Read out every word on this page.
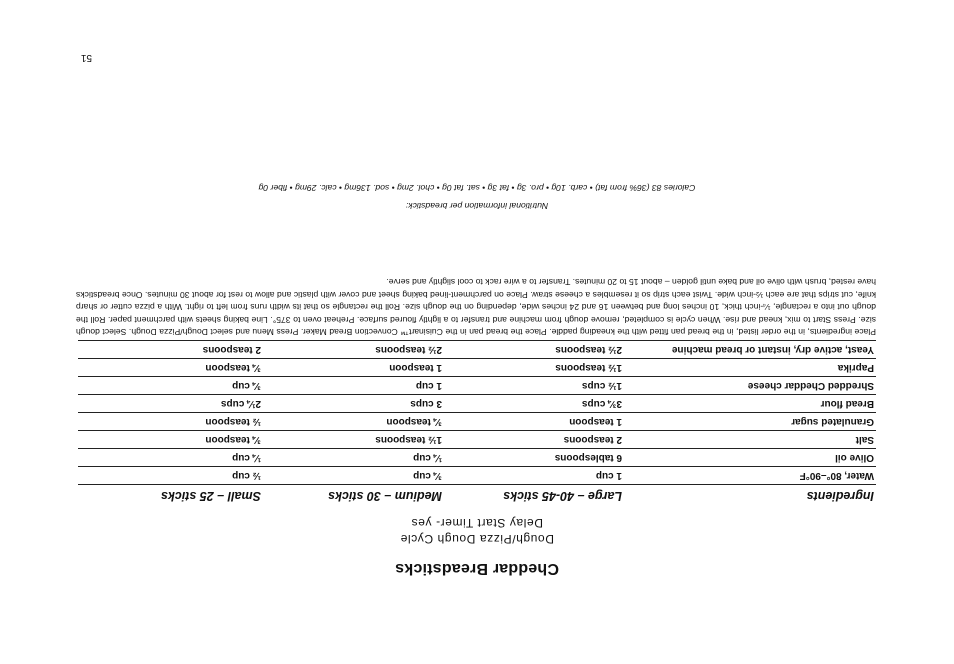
Cheddar Breadsticks
Dough/Pizza Dough Cycle
Delay Start Timer- yes
Ingredients	Large – 40-45 sticks	Medium – 30 sticks	Small – 25 sticks
Water, 80°–90°F	1 cup	¾ cup	½ cup
Olive oil	6 tablespoons	¼ cup	¼ cup
Salt	2 teaspoons	1½ teaspoons	¾ teaspoon
Granulated sugar	1 teaspoon	¾ teaspoon	½ teaspoon
Bread flour	3¾ cups	3 cups	2¼ cups
Shredded Cheddar cheese	1½ cups	1 cup	¾ cup
Paprika	1½ teaspoons	1 teaspoon	¾ teaspoon
Yeast, active dry, instant or bread machine	2½ teaspoons	2½ teaspoons	2 teaspoons

Place ingredients, in the order listed, in the bread pan fitted with the kneading paddle. Place the bread pan in the Cuisinart™ Convection Bread Maker. Press Menu and select Dough/Pizza Dough. Select dough size. Press Start to mix, knead and rise. When cycle is completed, remove dough from machine and transfer to a lightly floured surface. Preheat oven to 375°. Line baking sheets with parchment paper. Roll the dough out into a rectangle, ¼-inch thick, 10 inches long and between 16 and 24 inches wide, depending on the dough size. Roll the rectangle so that its width runs from left to right. With a pizza cutter or sharp knife, cut strips that are each ½-inch wide. Twist each strip so it resembles a cheese straw. Place on parchment-lined baking sheet and cover with plastic and allow to rest for about 30 minutes. Once breadsticks have rested, brush with olive oil and bake until golden – about 15 to 20 minutes. Transfer to a wire rack to cool slightly and serve.

Nutritional information per breadstick:
Calories 83 (36% from fat) • carb. 10g • pro. 3g • fat 3g • sat. fat 0g • chol. 2mg • sod. 136mg • calc. 29mg • fiber 0g
51
